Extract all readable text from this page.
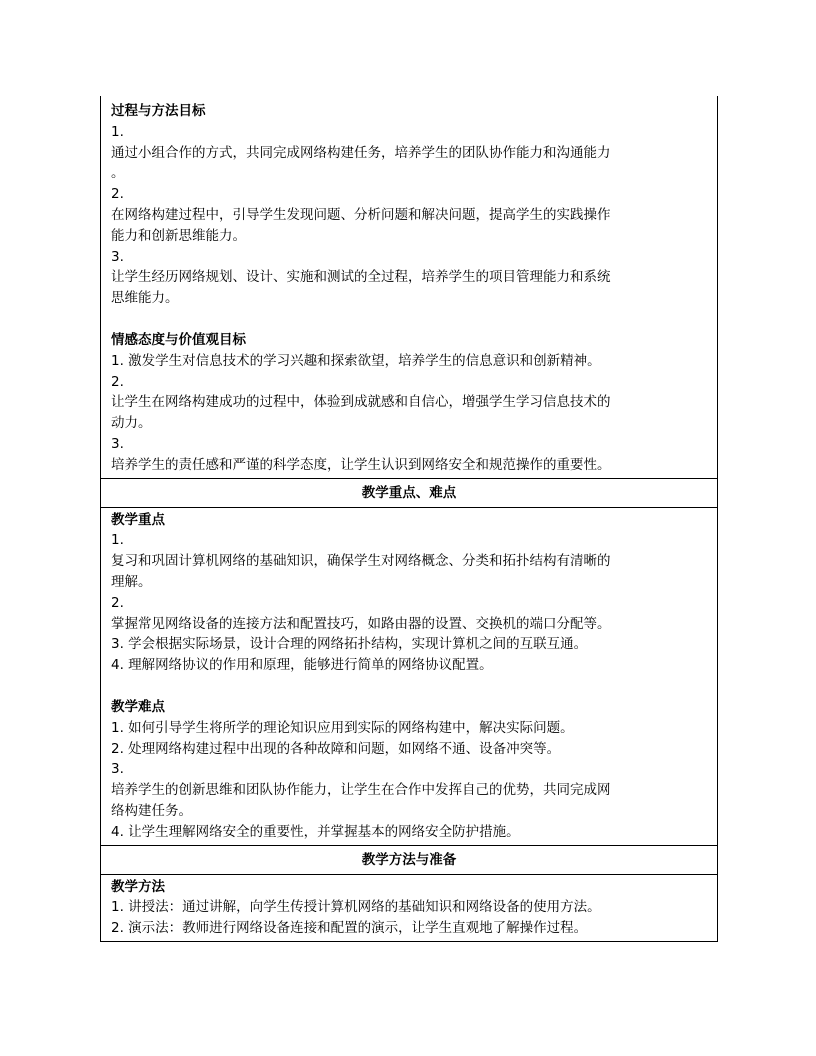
过程与方法目标
1.
通过小组合作的方式，共同完成网络构建任务，培养学生的团队协作能力和沟通能力
。
2.
在网络构建过程中，引导学生发现问题、分析问题和解决问题，提高学生的实践操作
能力和创新思维能力。
3.
让学生经历网络规划、设计、实施和测试的全过程，培养学生的项目管理能力和系统
思维能力。
情感态度与价值观目标
1. 激发学生对信息技术的学习兴趣和探索欲望，培养学生的信息意识和创新精神。
2.
让学生在网络构建成功的过程中，体验到成就感和自信心，增强学生学习信息技术的
动力。
3.
培养学生的责任感和严谨的科学态度，让学生认识到网络安全和规范操作的重要性。
教学重点、难点
教学重点
1.
复习和巩固计算机网络的基础知识，确保学生对网络概念、分类和拓扑结构有清晰的
理解。
2.
掌握常见网络设备的连接方法和配置技巧，如路由器的设置、交换机的端口分配等。
3. 学会根据实际场景，设计合理的网络拓扑结构，实现计算机之间的互联互通。
4. 理解网络协议的作用和原理，能够进行简单的网络协议配置。
教学难点
1. 如何引导学生将所学的理论知识应用到实际的网络构建中，解决实际问题。
2. 处理网络构建过程中出现的各种故障和问题，如网络不通、设备冲突等。
3.
培养学生的创新思维和团队协作能力，让学生在合作中发挥自己的优势，共同完成网
络构建任务。
4. 让学生理解网络安全的重要性，并掌握基本的网络安全防护措施。
教学方法与准备
教学方法
1. 讲授法：通过讲解，向学生传授计算机网络的基础知识和网络设备的使用方法。
2. 演示法：教师进行网络设备连接和配置的演示，让学生直观地了解操作过程。
